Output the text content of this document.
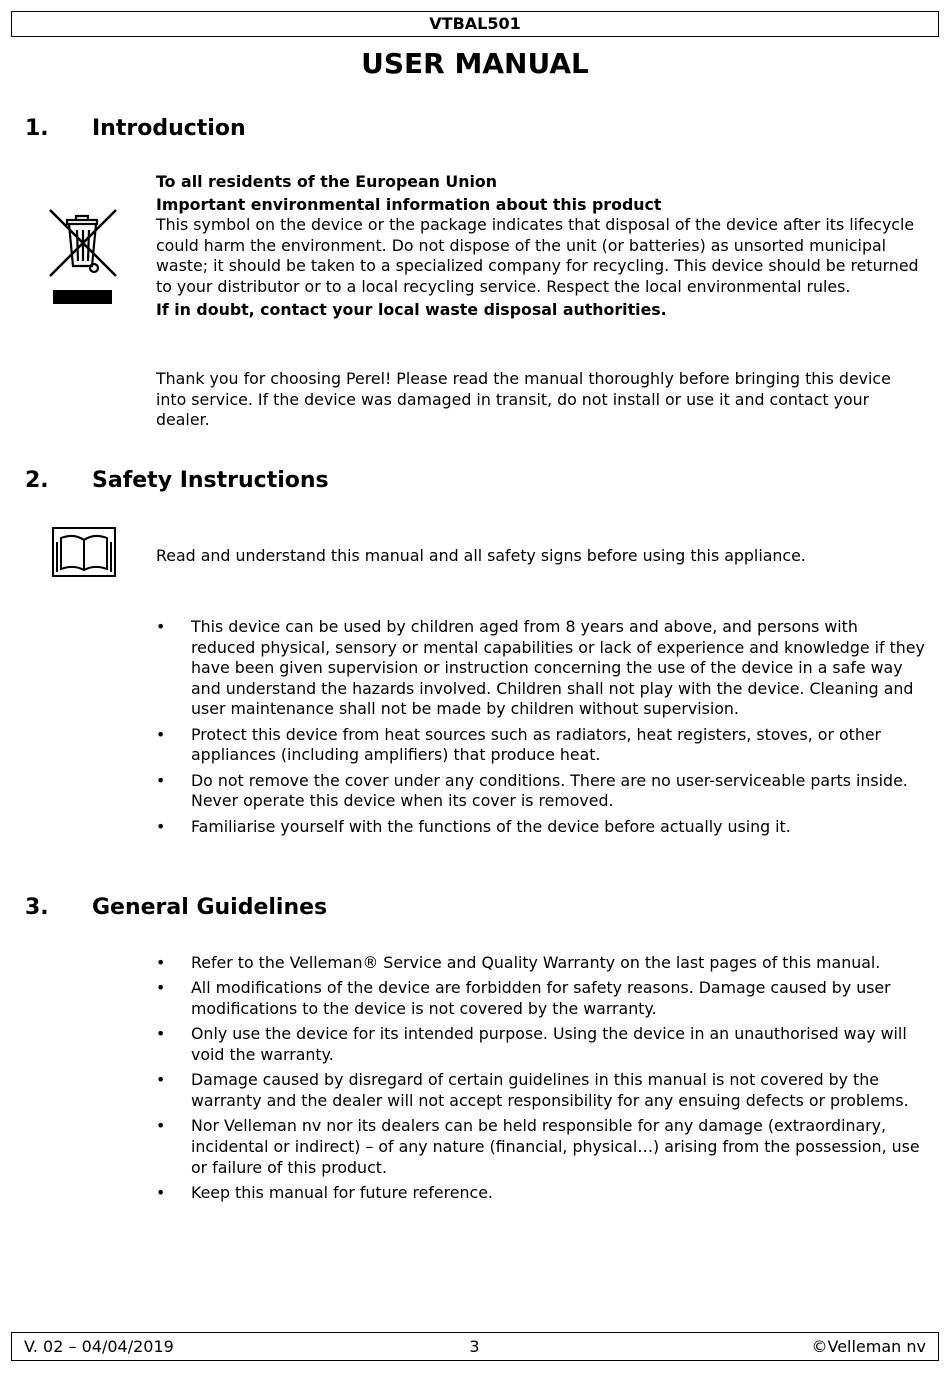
VTBAL501
USER MANUAL
1. Introduction

To all residents of the European Union

Important environmental information about this product

This symbol on the device or the package indicates that disposal of the device after its lifecycle could harm the environment. Do not dispose of the unit (or batteries) as unsorted municipal waste; it should be taken to a specialized company for recycling. This device should be returned to your distributor or to a local recycling service. Respect the local environmental rules.

If in doubt, contact your local waste disposal authorities.

Thank you for choosing Perel! Please read the manual thoroughly before bringing this device into service. If the device was damaged in transit, do not install or use it and contact your dealer.

2. Safety Instructions

Read and understand this manual and all safety signs before using this appliance.

• This device can be used by children aged from 8 years and above, and persons with reduced physical, sensory or mental capabilities or lack of experience and knowledge if they have been given supervision or instruction concerning the use of the device in a safe way and understand the hazards involved. Children shall not play with the device. Cleaning and user maintenance shall not be made by children without supervision.
• Protect this device from heat sources such as radiators, heat registers, stoves, or other appliances (including amplifiers) that produce heat.
• Do not remove the cover under any conditions. There are no user-serviceable parts inside. Never operate this device when its cover is removed.
• Familiarise yourself with the functions of the device before actually using it.
3. General Guidelines
• Refer to the Velleman® Service and Quality Warranty on the last pages of this manual.
• All modifications of the device are forbidden for safety reasons. Damage caused by user modifications to the device is not covered by the warranty.
• Only use the device for its intended purpose. Using the device in an unauthorised way will void the warranty.
• Damage caused by disregard of certain guidelines in this manual is not covered by the warranty and the dealer will not accept responsibility for any ensuing defects or problems.
• Nor Velleman nv nor its dealers can be held responsible for any damage (extraordinary, incidental or indirect) – of any nature (financial, physical…) arising from the possession, use or failure of this product.
• Keep this manual for future reference.
V. 02 – 04/04/2019	3	©Velleman nv
